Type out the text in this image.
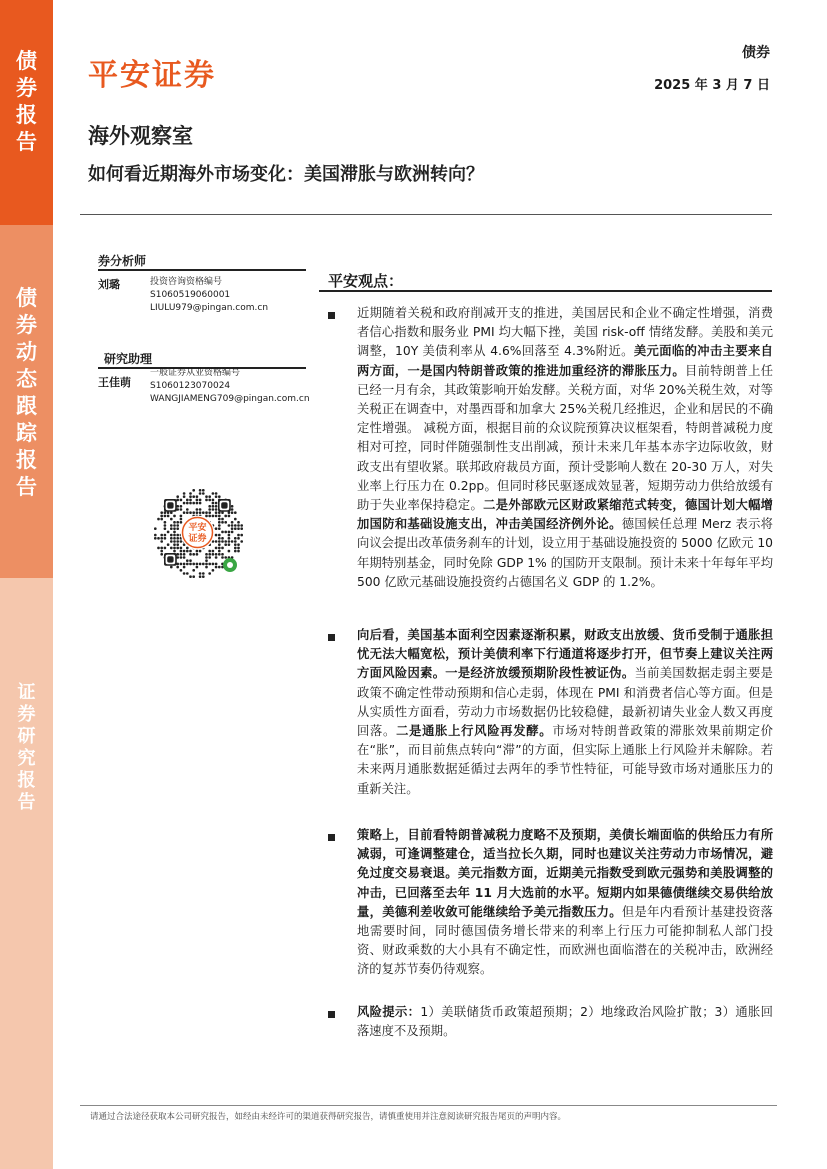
债
券
报
告
债
券
动
态
跟
踪
报
告
证
券
研
究
报
告
平安证券
债券
2025 年 3 月 7 日
海外观察室
如何看近期海外市场变化：美国滞胀与欧洲转向？
券分析师
刘璐	投资咨询资格编号
S1060519060001
LIULU979@pingan.com.cn
研究助理
王佳萌
一般证券从业资格编号
S1060123070024
WANGJIAMENG709@pingan.com.cn
平安
证券
平安观点：
近期随着关税和政府削减开支的推进，美国居民和企业不确定性增强，消费者信心指数和服务业 PMI 均大幅下挫，美国 risk-off 情绪发酵。美股和美元调整，10Y 美债利率从 4.6%回落至 4.3%附近。美元面临的冲击主要来自两方面，一是国内特朗普政策的推进加重经济的滞胀压力。目前特朗普上任已经一月有余，其政策影响开始发酵。关税方面，对华 20%关税生效，对等关税正在调查中，对墨西哥和加拿大 25%关税几经推迟，企业和居民的不确定性增强。 减税方面，根据目前的众议院预算决议框架看，特朗普减税力度相对可控，同时伴随强制性支出削减，预计未来几年基本赤字边际收敛，财政支出有望收紧。联邦政府裁员方面，预计受影响人数在 20-30 万人，对失业率上行压力在 0.2pp。但同时移民驱逐成效显著，短期劳动力供给放缓有助于失业率保持稳定。二是外部欧元区财政紧缩范式转变，德国计划大幅增加国防和基础设施支出，冲击美国经济例外论。德国候任总理 Merz 表示将向议会提出改革债务刹车的计划，设立用于基础设施投资的 5000 亿欧元 10 年期特别基金，同时免除 GDP 1% 的国防开支限制。预计未来十年每年平均 500 亿欧元基础设施投资约占德国名义 GDP 的 1.2%。
向后看，美国基本面利空因素逐渐积累，财政支出放缓、货币受制于通胀担忧无法大幅宽松，预计美债利率下行通道将逐步打开，但节奏上建议关注两方面风险因素。一是经济放缓预期阶段性被证伪。当前美国数据走弱主要是政策不确定性带动预期和信心走弱，体现在 PMI 和消费者信心等方面。但是从实质性方面看，劳动力市场数据仍比较稳健，最新初请失业金人数又再度回落。二是通胀上行风险再发酵。市场对特朗普政策的滞胀效果前期定价在“胀”，而目前焦点转向“滞”的方面，但实际上通胀上行风险并未解除。若未来两月通胀数据延循过去两年的季节性特征，可能导致市场对通胀压力的重新关注。
策略上，目前看特朗普减税力度略不及预期，美债长端面临的供给压力有所减弱，可逢调整建仓，适当拉长久期，同时也建议关注劳动力市场情况，避免过度交易衰退。美元指数方面，近期美元指数受到欧元强势和美股调整的冲击，已回落至去年 11 月大选前的水平。短期内如果德债继续交易供给放量，美德利差收敛可能继续给予美元指数压力。但是年内看预计基建投资落地需要时间，同时德国债务增长带来的利率上行压力可能抑制私人部门投资、财政乘数的大小具有不确定性，而欧洲也面临潜在的关税冲击，欧洲经济的复苏节奏仍待观察。
风险提示：1）美联储货币政策超预期；2）地缘政治风险扩散；3）通胀回落速度不及预期。
请通过合法途径获取本公司研究报告，如经由未经许可的渠道获得研究报告，请慎重使用并注意阅读研究报告尾页的声明内容。
